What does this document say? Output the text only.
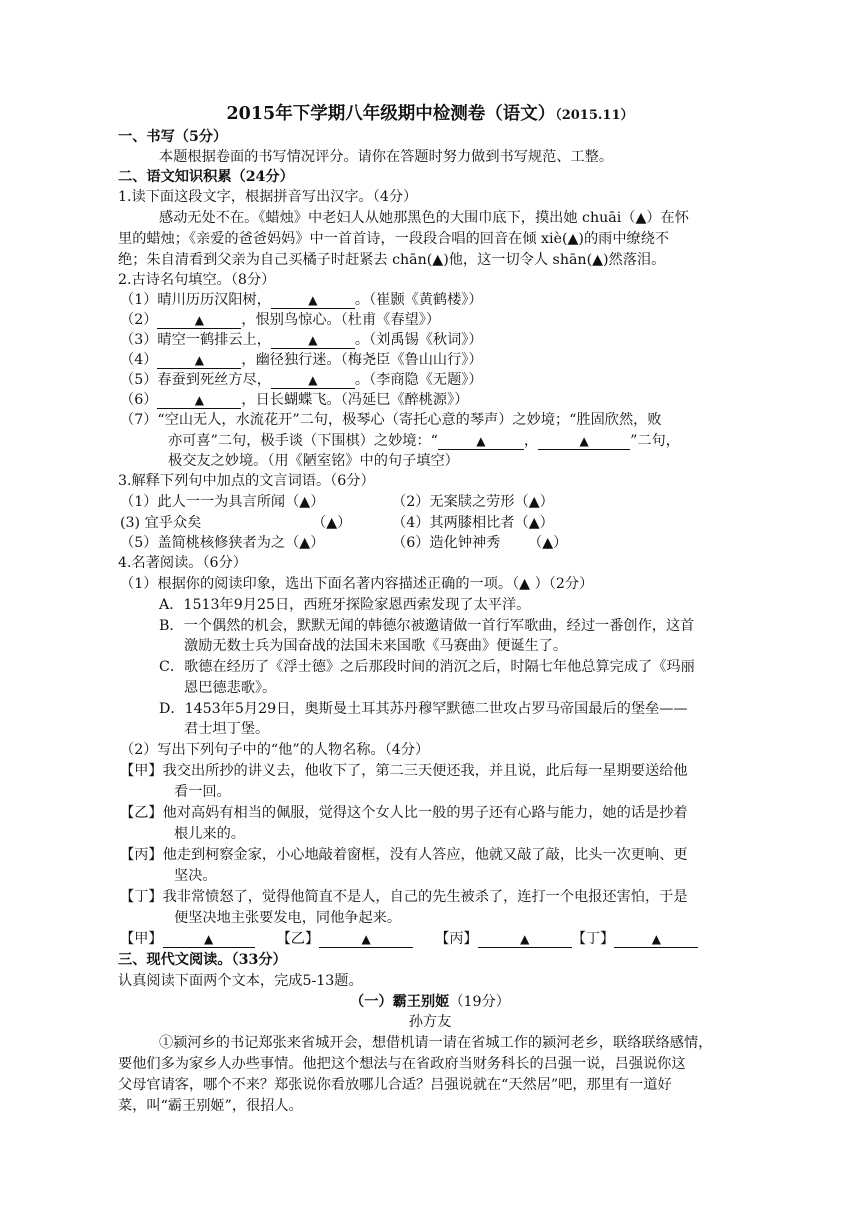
2015年下学期八年级期中检测卷（语文）（2015.11）
一、书写（5分）
本题根据卷面的书写情况评分。请你在答题时努力做到书写规范、工整。
二、语文知识积累（24分）
1.读下面这段文字，根据拼音写出汉字。（4分）
感动无处不在。《蜡烛》中老妇人从她那黑色的大围巾底下，摸出她 chuāi（▲）在怀
里的蜡烛；《亲爱的爸爸妈妈》中一首首诗，一段段合唱的回音在倾 xiè(▲)的雨中缭绕不
绝；朱自清看到父亲为自己买橘子时赶紧去 chān(▲)他，这一切令人 shān(▲)然落泪。
2.古诗名句填空。（8分）
（1）晴川历历汉阳树，	▲	。（崔颢《黄鹤楼》）
（2）	▲	，恨别鸟惊心。（杜甫《春望》）
（3）晴空一鹤排云上，	▲	。（刘禹锡《秋词》）
（4）	▲	，幽径独行迷。（梅尧臣《鲁山山行》）
（5）春蚕到死丝方尽，	▲	。（李商隐《无题》）
（6）	▲	，日长蝴蝶飞。（冯延巳《醉桃源》）
（7）“空山无人，水流花开”二句，极琴心（寄托心意的琴声）之妙境；“胜固欣然，败
亦可喜”二句，极手谈（下围棋）之妙境：“	▲	，	▲	”二句，
极交友之妙境。（用《陋室铭》中的句子填空）
3.解释下列句中加点的文言词语。（6分）
（1）此人一一为具言所闻（▲）	（2）无案牍之劳形（▲）
(3) 宜乎众矣	（▲）	（4）其两膝相比者（▲）
（5）盖简桃核修狭者为之（▲）	（6）造化钟神秀 （▲）
4.名著阅读。（6分）
（1）根据你的阅读印象，选出下面名著内容描述正确的一项。（▲ ）（2分）
A．1513年9月25日，西班牙探险家恩西索发现了太平洋。
B．一个偶然的机会，默默无闻的韩德尔被邀请做一首行军歌曲，经过一番创作，这首
激励无数士兵为国奋战的法国未来国歌《马赛曲》便诞生了。
C．歌德在经历了《浮士德》之后那段时间的消沉之后，时隔七年他总算完成了《玛丽
恩巴德悲歌》。
D．1453年5月29日，奥斯曼土耳其苏丹穆罕默德二世攻占罗马帝国最后的堡垒——
君士坦丁堡。
（2）写出下列句子中的“他”的人物名称。（4分）
【甲】我交出所抄的讲义去，他收下了，第二三天便还我，并且说，此后每一星期要送给他
看一回。
【乙】他对高妈有相当的佩服，觉得这个女人比一般的男子还有心路与能力，她的话是抄着
根儿来的。
【丙】他走到柯察金家，小心地敲着窗框，没有人答应，他就又敲了敲，比头一次更响、更
坚决。
【丁】我非常愤怒了，觉得他简直不是人，自己的先生被杀了，连打一个电报还害怕，于是
便坚决地主张要发电，同他争起来。
【甲】	▲	【乙】	▲	【丙】	▲	【丁】	▲
三、现代文阅读。（33分）
认真阅读下面两个文本，完成5-13题。
（一）霸王别姬（19分）
孙方友
①颍河乡的书记郑张来省城开会，想借机请一请在省城工作的颍河老乡，联络联络感情，
要他们多为家乡人办些事情。他把这个想法与在省政府当财务科长的吕强一说，吕强说你这
父母官请客，哪个不来？郑张说你看放哪儿合适？吕强说就在“天然居”吧，那里有一道好
菜，叫“霸王别姬”，很招人。
